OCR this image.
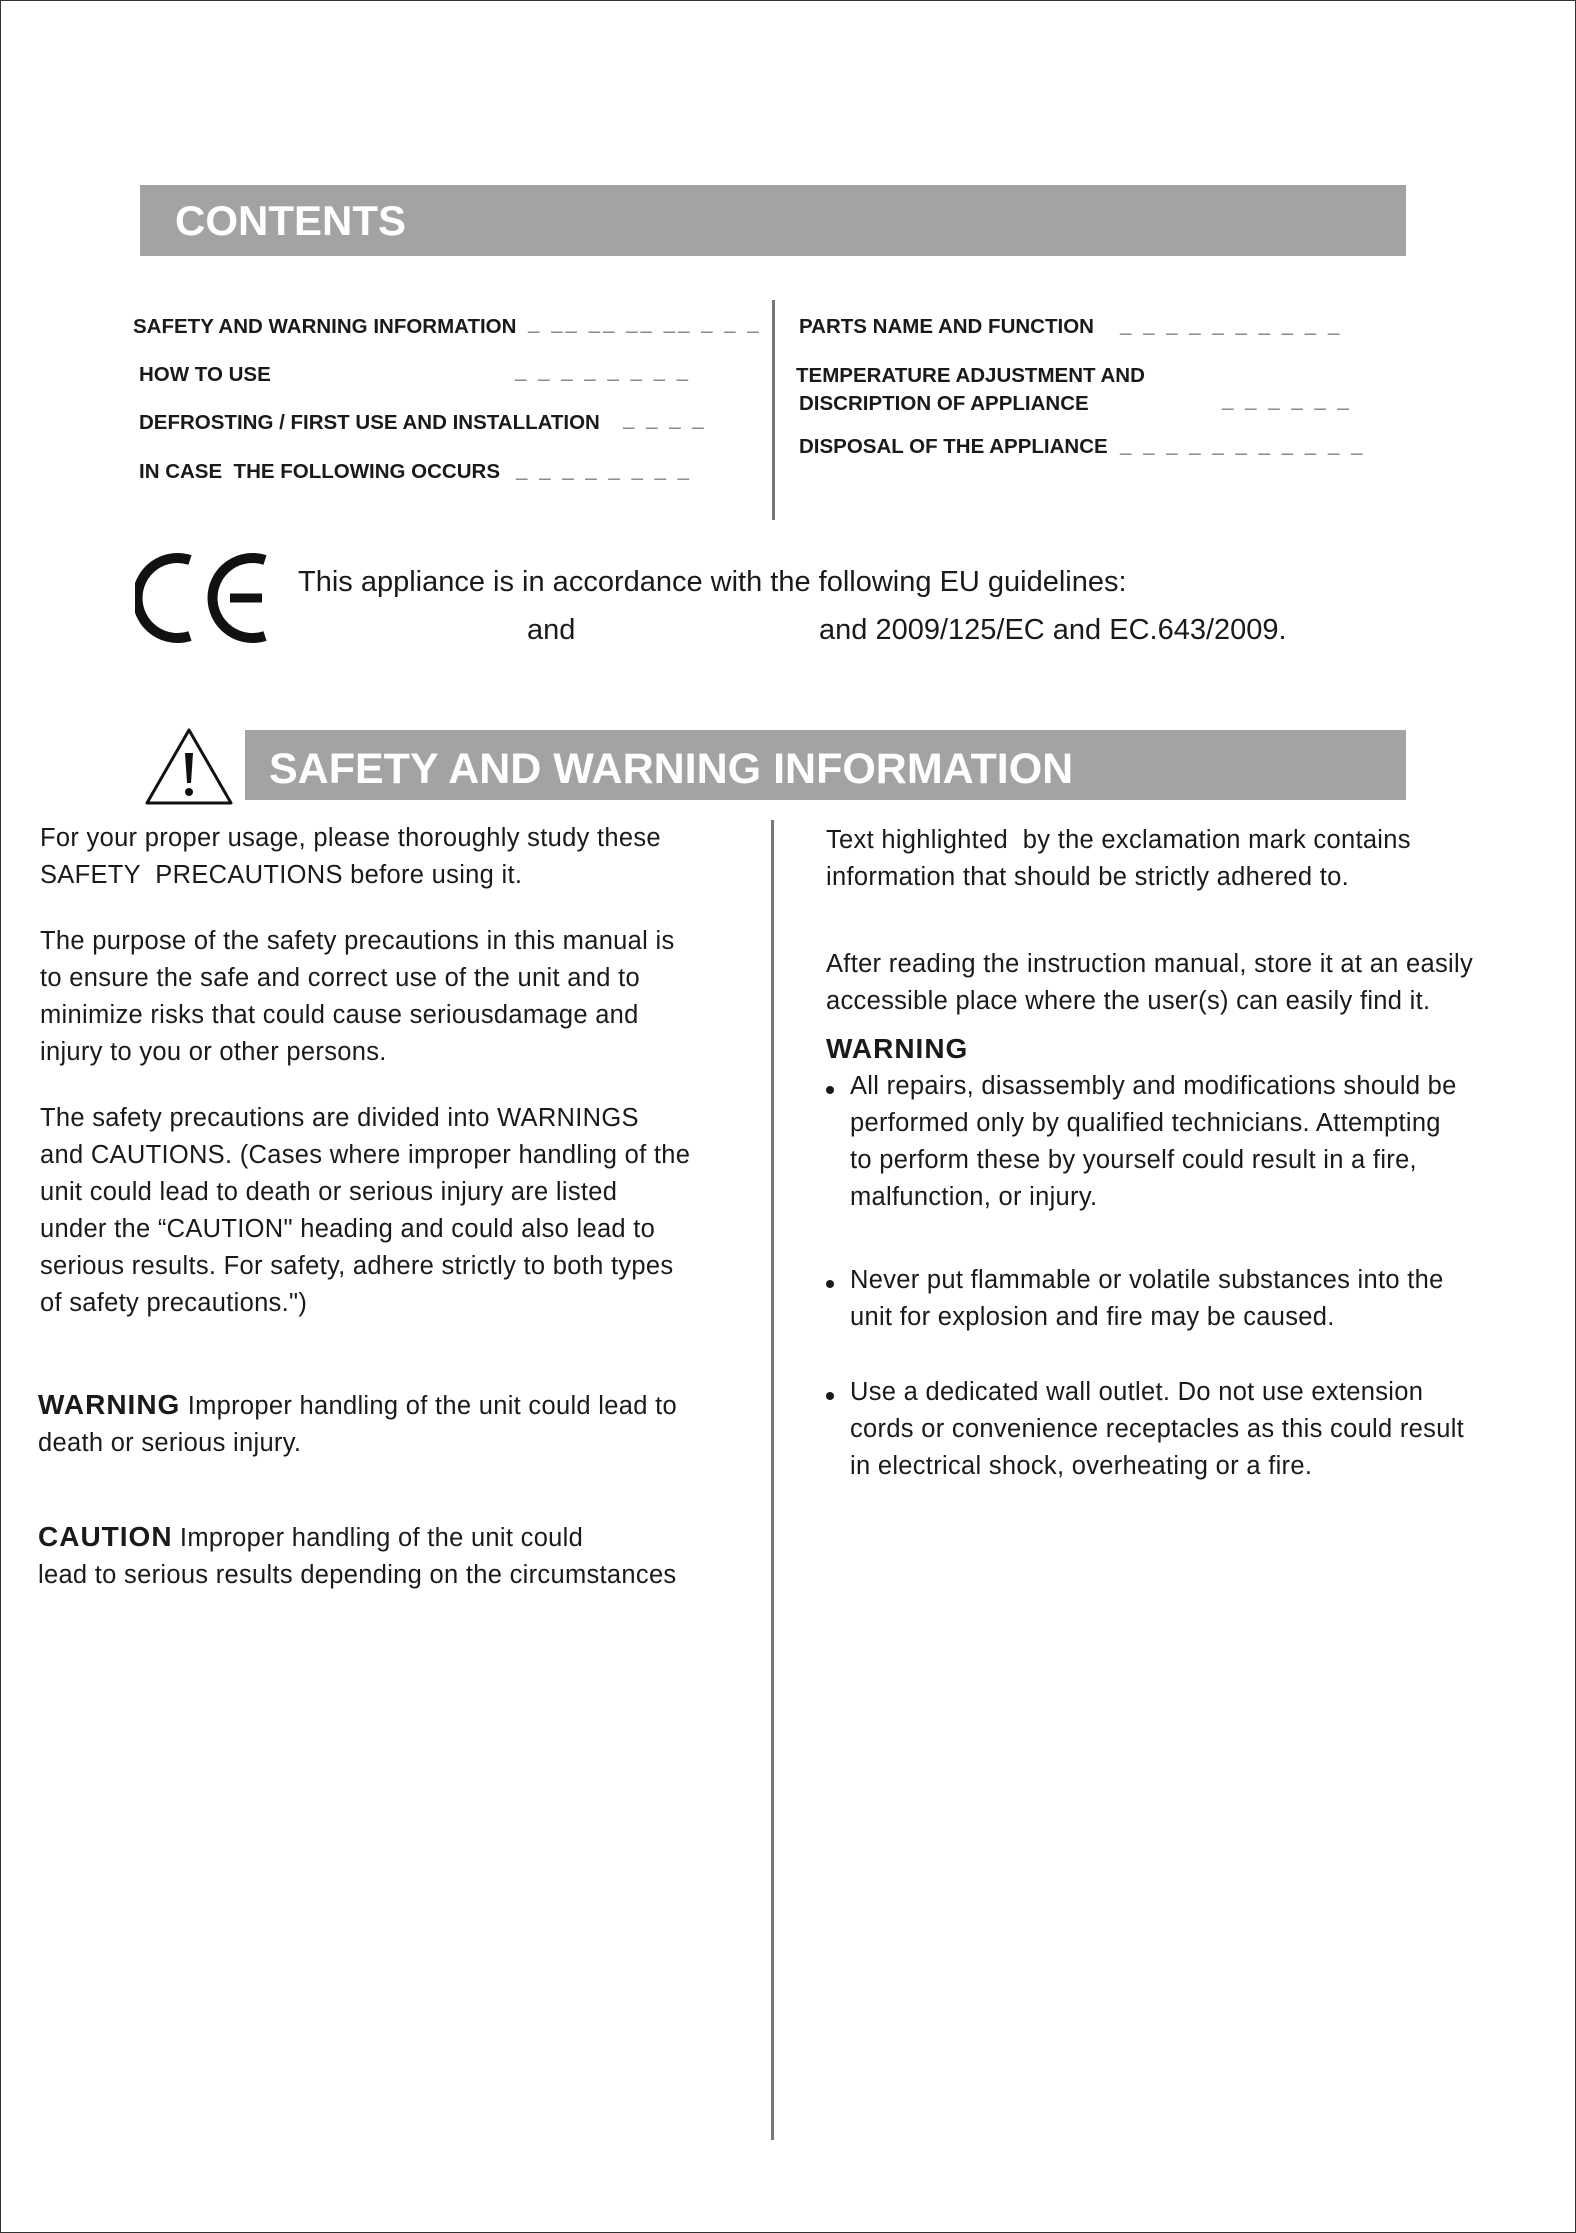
CONTENTS
SAFETY AND WARNING INFORMATION _ __ __ __ __ _ _ _
HOW TO USE	_ _ _ _ _ _ _ _
DEFROSTING / FIRST USE AND INSTALLATION _ _ _ _
IN CASE  THE FOLLOWING OCCURS _ _ _ _ _ _ _ _
PARTS NAME AND FUNCTION _ _ _ _ _ _ _ _ _ _
TEMPERATURE ADJUSTMENT AND
DISCRIPTION OF APPLIANCE	_ _ _ _ _ _
DISPOSAL OF THE APPLIANCE _ _ _ _ _ _ _ _ _ _ _
This appliance is in accordance with the following EU guidelines:
and	and 2009/125/EC and EC.643/2009.
SAFETY AND WARNING INFORMATION
For your proper usage, please thoroughly study these
SAFETY  PRECAUTIONS before using it.
The purpose of the safety precautions in this manual is
to ensure the safe and correct use of the unit and to
minimize risks that could cause seriousdamage and
injury to you or other persons.
The safety precautions are divided into WARNINGS
and CAUTIONS. (Cases where improper handling of the
unit could lead to death or serious injury are listed
under the “CAUTION" heading and could also lead to
serious results. For safety, adhere strictly to both types
of safety precautions.")
WARNING Improper handling of the unit could lead to
death or serious injury.
CAUTION Improper handling of the unit could
lead to serious results depending on the circumstances
Text highlighted  by the exclamation mark contains
information that should be strictly adhered to.
After reading the instruction manual, store it at an easily
accessible place where the user(s) can easily find it.
WARNING
All repairs, disassembly and modifications should be
performed only by qualified technicians. Attempting
to perform these by yourself could result in a fire,
malfunction, or injury.
Never put flammable or volatile substances into the
unit for explosion and fire may be caused.
Use a dedicated wall outlet. Do not use extension
cords or convenience receptacles as this could result
in electrical shock, overheating or a fire.
